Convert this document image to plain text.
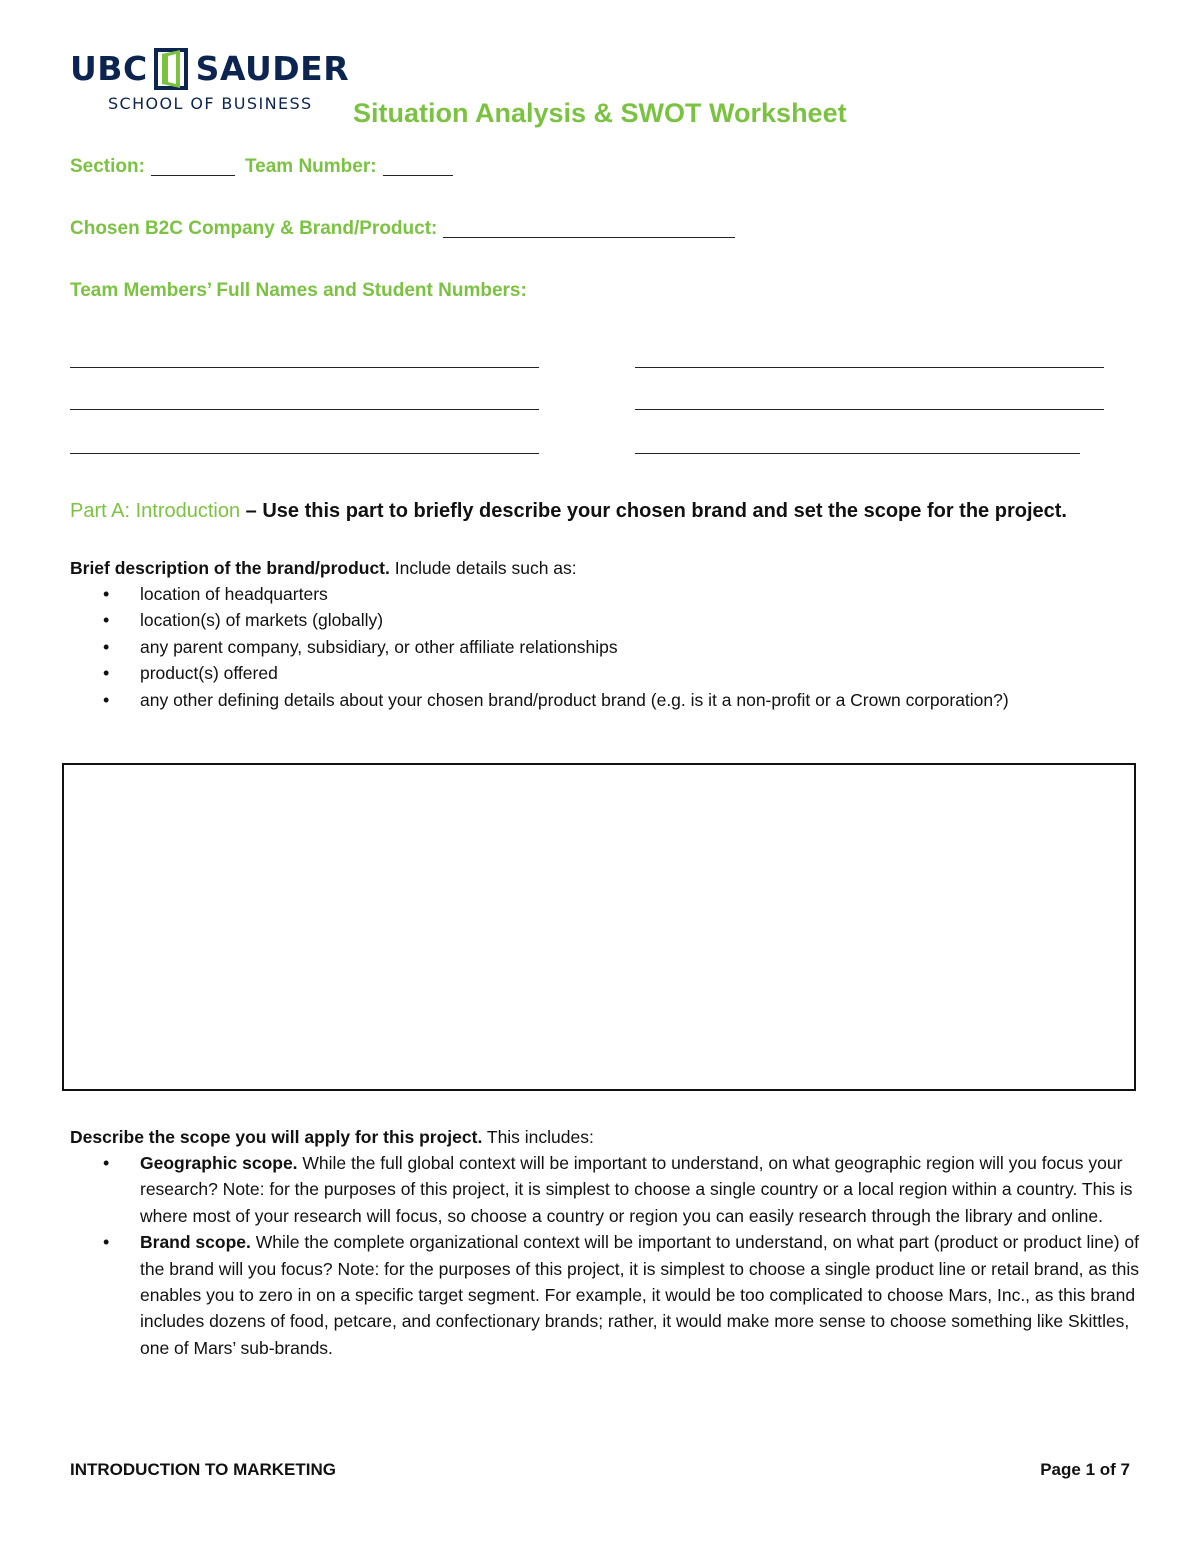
UBC SAUDER
SCHOOL OF BUSINESS	Situation Analysis & SWOT Worksheet
Section:	Team Number:
Chosen B2C Company & Brand/Product:
Team Members’ Full Names and Student Numbers:
Part A: Introduction – Use this part to briefly describe your chosen brand and set the scope for the project.
Brief description of the brand/product. Include details such as:
• location of headquarters
• location(s) of markets (globally)
• any parent company, subsidiary, or other affiliate relationships
• product(s) offered
• any other defining details about your chosen brand/product brand (e.g. is it a non-profit or a Crown corporation?)
Describe the scope you will apply for this project. This includes:
• Geographic scope. While the full global context will be important to understand, on what geographic region will you focus your research? Note: for the purposes of this project, it is simplest to choose a single country or a local region within a country. This is where most of your research will focus, so choose a country or region you can easily research through the library and online.
• Brand scope. While the complete organizational context will be important to understand, on what part (product or product line) of the brand will you focus? Note: for the purposes of this project, it is simplest to choose a single product line or retail brand, as this enables you to zero in on a specific target segment. For example, it would be too complicated to choose Mars, Inc., as this brand includes dozens of food, petcare, and confectionary brands; rather, it would make more sense to choose something like Skittles, one of Mars’ sub-brands.
INTRODUCTION TO MARKETING	Page 1 of 7
